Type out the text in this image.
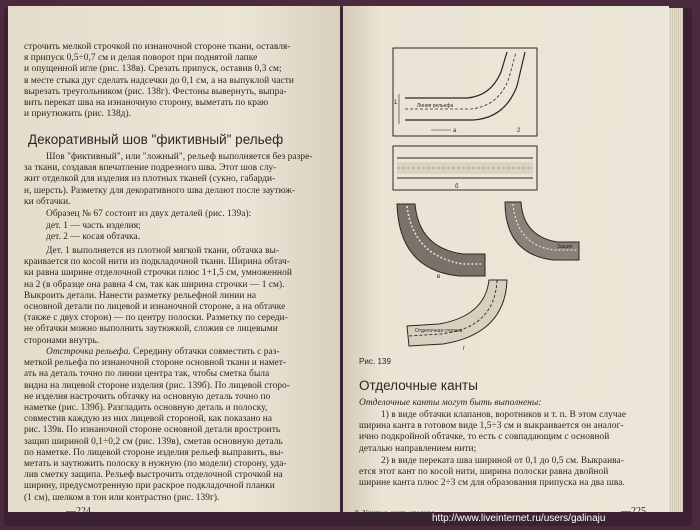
строчить мелкой строчкой по изнаночной стороне ткани, оставля-
я припуск 0,5÷0,7 см и делая поворот при поднятой лапке
и опущенной игле (рис. 138в). Срезать припуск, оставив 0,3 см;
в месте стыка дуг сделать надсечки до 0,1 см, а на выпуклой части
вырезать треугольником (рис. 138г). Фестоны вывернуть, выпра-
вить перекат шва на изнаночную сторону, выметать по краю
и приутюжить (рис. 138д).
Декоративный шов "фиктивный" рельеф
Шов "фиктивный", или "ложный", рельеф выполняется без разре-
за ткани, создавая впечатление подрезного шва. Этот шов слу-
жит отделкой для изделия из плотных тканей (сукно, габарди-
н, шерсть). Разметку для декоративного шва делают после заутюж-
ки обтачки.
Образец № 67 состоит из двух деталей (рис. 139а):
дет. 1 — часть изделия;
дет. 2 — косая обтачка.
Дет. 1 выполняется из плотной мягкой ткани, обтачка вы-
краивается по косой нити из подкладочной ткани. Ширина обтач-
ки равна ширине отделочной строчки плюс 1+1,5 см, умноженной
на 2 (в образце она равна 4 см, так как ширина строчки — 1 см).
Выкроить детали. Нанести разметку рельефной линии на
основной детали по лицевой и изнаночной стороне, а на обтачке
(также с двух сторон) — по центру полоски. Разметку по середи-
не обтачки можно выполнить заутюжкой, сложив се лицевыми
сторонами внутрь.
Отстрочка рельефа. Середину обтачки совместить с раз-
меткой рельефа по изнаночной стороне основной ткани и намет-
ать на деталь точно по линии центра так, чтобы сметка была
видна на лицевой стороне изделия (рис. 139б). По лицевой сторо-
не изделия настрочить обтачку на основную деталь точно по
наметке (рис. 139б). Разгладить основную деталь и полоску,
совместив каждую из них лицевой стороной, как показано на
рис. 139в. По изнаночной стороне основной детали вростроить
защип шириной 0,1÷0,2 см (рис. 139в), сметав основную деталь
по наметке. По лицевой стороне изделия рельеф выправить, вы-
метать и заутюжить полоску в нужную (по модели) сторону, уда-
лив сметку защипа. Рельеф выстрочить отделочной строчкой на
ширину, предусмотренную при раскрое подкладочной планки
(1 см), шелком в тон или контрастно (рис. 139г).
—224
1
2
а
Линия рельефа
б
в
Защип
Отделочная строчка
г
Рис. 139
Отделочные канты
Отделочные канты могут быть выполнены:
1) в виде обтачки клапанов, воротников и т. п. В этом случае
ширина канта в готовом виде 1,5÷3 см и выкраивается он аналог-
ично подкройной обтачке, то есть с совпадающим с основной
деталью направлением нити;
2) в виде переката шва шириной от 0,1 до 0,5 см. Выкраива-
ется этот кант по косой нити, ширина полоски равна двойной
ширине канта плюс 2÷3 см для образования припуска на два шва.
8. Учитесь шить красиво	—225
http://www.liveinternet.ru/users/galinaju
